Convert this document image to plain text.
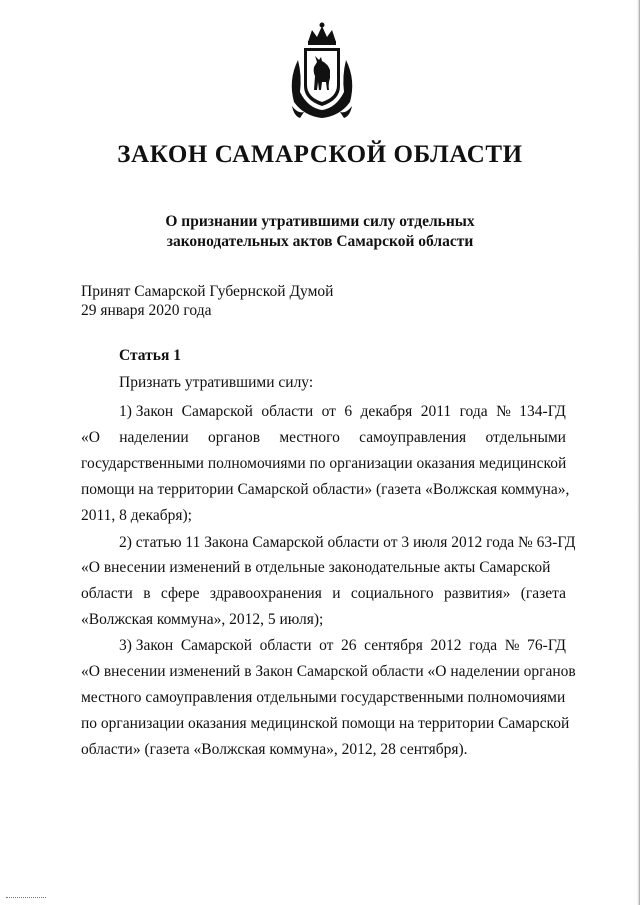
ЗАКОН САМАРСКОЙ ОБЛАСТИ
О признании утратившими силу отдельных
законодательных актов Самарской области
Принят Самарской Губернской Думой
29 января 2020 года
Статья 1
Признать утратившими силу:
1) Закон Самарской области от 6 декабря 2011 года № 134-ГД
«О наделении органов местного самоуправления отдельными
государственными полномочиями по организации оказания медицинской
помощи на территории Самарской области» (газета «Волжская коммуна»,
2011, 8 декабря);
2) статью 11 Закона Самарской области от 3 июля 2012 года № 63-ГД
«О внесении изменений в отдельные законодательные акты Самарской
области в сфере здравоохранения и социального развития» (газета
«Волжская коммуна», 2012, 5 июля);
3) Закон Самарской области от 26 сентября 2012 года № 76-ГД
«О внесении изменений в Закон Самарской области «О наделении органов
местного самоуправления отдельными государственными полномочиями
по организации оказания медицинской помощи на территории Самарской
области» (газета «Волжская коммуна», 2012, 28 сентября).
